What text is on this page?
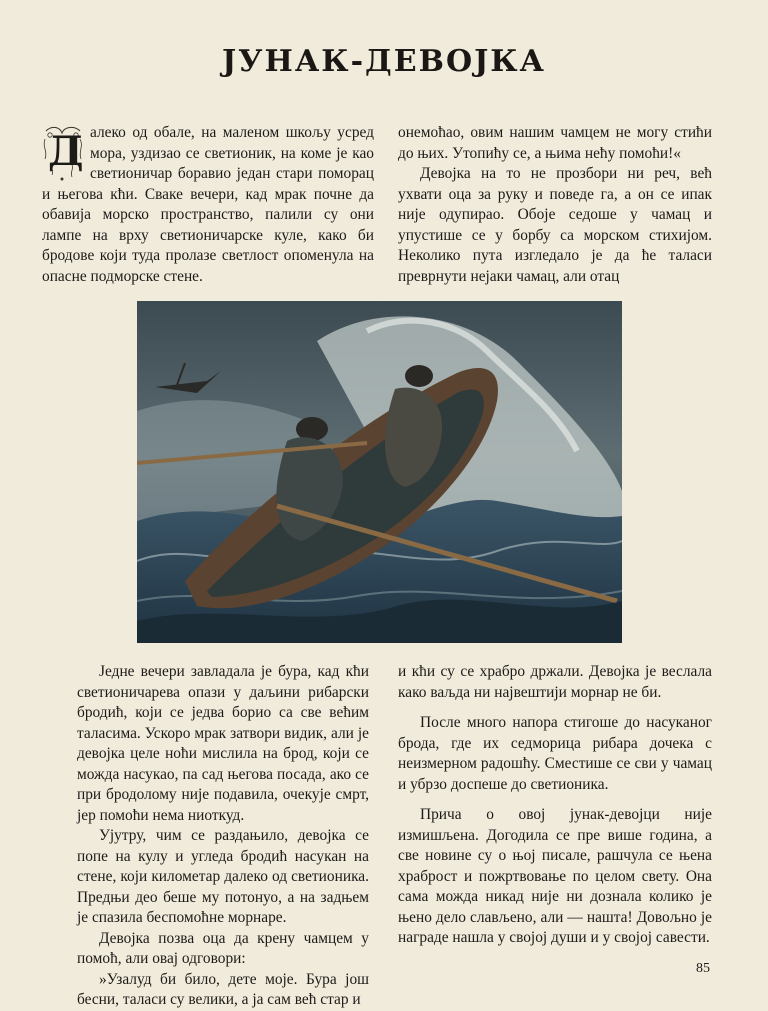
ЈУНАК-ДЕВОЈКА
Д алеко од обале, на маленом шкољу усред мора, уздизао се светионик, на коме је као светионичар боравио један стари поморац и његова кћи. Сваке вечери, кад мрак почне да обавија морско пространство, палили су они лампе на врху светионичарске куле, како би бродове који туда пролазе светлост опоменула на опасне подморске стене.

онемоћао, овим нашим чамцем не могу стићи до њих. Утопићу се, а њима нећу помоћи!«

Девојка на то не прозбори ни реч, већ ухвати оца за руку и поведе га, а он се ипак није одупирао. Обоје седоше у чамац и упустише се у борбу са морском стихијом. Неколико пута изгледало је да ће таласи преврнути нејаки чамац, али отац

Једне вечери завладала је бура, кад кћи светионичарева опази у даљини рибарски бродић, који се једва борио са све већим таласима. Ускоро мрак затвори видик, али је девојка целе ноћи мислила на брод, који се можда насукао, па сад његова посада, ако се при бродолому није подавила, очекује смрт, јер помоћи нема ниоткуд.

Ујутру, чим се раздањило, девојка се попе на кулу и угледа бродић насукан на стене, који километар далеко од светионика. Предњи део беше му потонуо, а на задњем је спазила беспомоћне морнаре.

Девојка позва оца да крену чамцем у помоћ, али овај одговори:

»Узалуд би било, дете моје. Бура још бесни, таласи су велики, а ја сам већ стар и

и кћи су се храбро држали. Девојка је веслала како ваљда ни највештији морнар не би.

После много напора стигоше до насуканог брода, где их седморица рибара дочека с неизмерном радошћу. Сместише се сви у чамац и убрзо доспеше до светионика.

Прича о овој јунак-девојци није измишљена. Догодила се пре више година, а све новине су о њој писале, рашчула се њена храброст и пожртвовање по целом свету. Она сама можда никад није ни дознала колико је њено дело слављено, али — нашта! Довољно је награде нашла у својој души и у својој савести.

85
